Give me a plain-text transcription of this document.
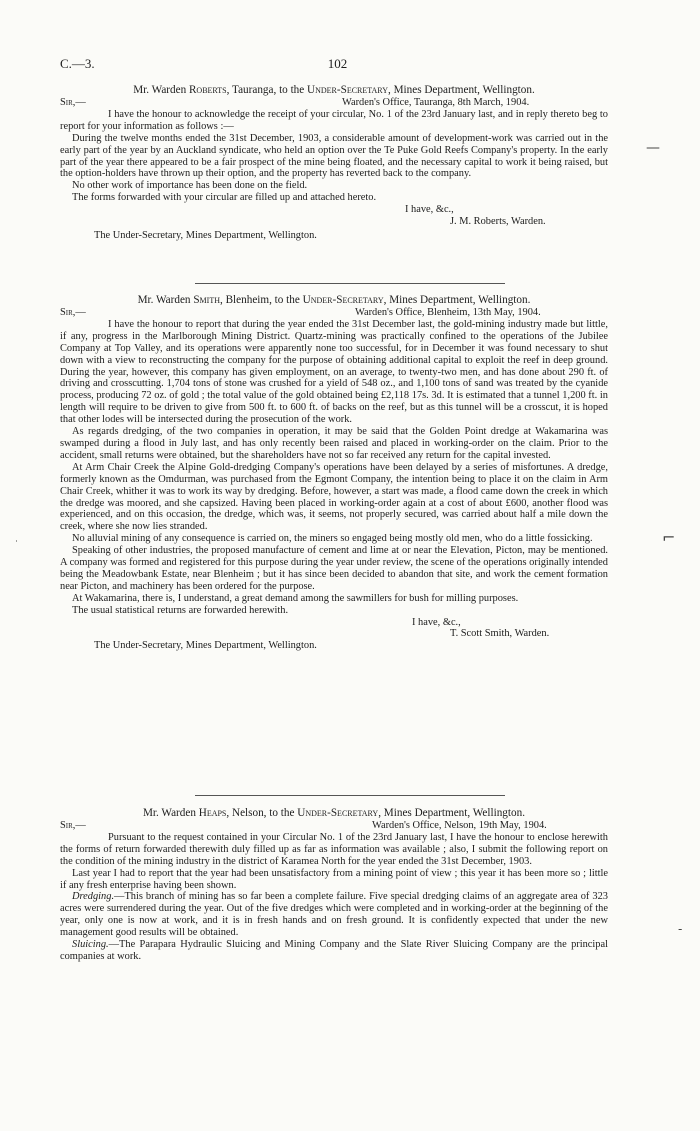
C.—3.	102

Mr. Warden Roberts, Tauranga, to the Under-Secretary, Mines Department, Wellington.

Sir,—	Warden's Office, Tauranga, 8th March, 1904.

I have the honour to acknowledge the receipt of your circular, No. 1 of the 23rd January last, and in reply thereto beg to report for your information as follows :—

During the twelve months ended the 31st December, 1903, a considerable amount of development-work was carried out in the early part of the year by an Auckland syndicate, who held an option over the Te Puke Gold Reefs Company's property. In the early part of the year there appeared to be a fair prospect of the mine being floated, and the necessary capital to work it being raised, but the option-holders have thrown up their option, and the property has reverted back to the company.

No other work of importance has been done on the field.

The forms forwarded with your circular are filled up and attached hereto.

I have, &c.,

J. M. Roberts, Warden.

The Under-Secretary, Mines Department, Wellington.

Mr. Warden Smith, Blenheim, to the Under-Secretary, Mines Department, Wellington.

Sir,—	Warden's Office, Blenheim, 13th May, 1904.

I have the honour to report that during the year ended the 31st December last, the gold-mining industry made but little, if any, progress in the Marlborough Mining District. Quartz-mining was practically confined to the operations of the Jubilee Company at Top Valley, and its operations were apparently none too successful, for in December it was found necessary to shut down with a view to reconstructing the company for the purpose of obtaining additional capital to exploit the reef in deep ground. During the year, however, this company has given employment, on an average, to twenty-two men, and has done about 290 ft. of driving and crosscutting. 1,704 tons of stone was crushed for a yield of 548 oz., and 1,100 tons of sand was treated by the cyanide process, producing 72 oz. of gold ; the total value of the gold obtained being £2,118 17s. 3d. It is estimated that a tunnel 1,200 ft. in length will require to be driven to give from 500 ft. to 600 ft. of backs on the reef, but as this tunnel will be a crosscut, it is hoped that other lodes will be intersected during the prosecution of the work.

As regards dredging, of the two companies in operation, it may be said that the Golden Point dredge at Wakamarina was swamped during a flood in July last, and has only recently been raised and placed in working-order on the claim. Prior to the accident, small returns were obtained, but the shareholders have not so far received any return for the capital invested.

At Arm Chair Creek the Alpine Gold-dredging Company's operations have been delayed by a series of misfortunes. A dredge, formerly known as the Omdurman, was purchased from the Egmont Company, the intention being to place it on the claim in Arm Chair Creek, whither it was to work its way by dredging. Before, however, a start was made, a flood came down the creek in which the dredge was moored, and she capsized. Having been placed in working-order again at a cost of about £600, another flood was experienced, and on this occasion, the dredge, which was, it seems, not properly secured, was carried about half a mile down the creek, where she now lies stranded.

No alluvial mining of any consequence is carried on, the miners so engaged being mostly old men, who do a little fossicking.

Speaking of other industries, the proposed manufacture of cement and lime at or near the Elevation, Picton, may be mentioned. A company was formed and registered for this purpose during the year under review, the scene of the operations originally intended being the Meadowbank Estate, near Blenheim ; but it has since been decided to abandon that site, and work the cement formation near Picton, and machinery has been ordered for the purpose.

At Wakamarina, there is, I understand, a great demand among the sawmillers for bush for milling purposes.

The usual statistical returns are forwarded herewith.

I have, &c.,

T. Scott Smith, Warden.

The Under-Secretary, Mines Department, Wellington.

Mr. Warden Heaps, Nelson, to the Under-Secretary, Mines Department, Wellington.

Sir,—	Warden's Office, Nelson, 19th May, 1904.

Pursuant to the request contained in your Circular No. 1 of the 23rd January last, I have the honour to enclose herewith the forms of return forwarded therewith duly filled up as far as information was available ; also, I submit the following report on the condition of the mining industry in the district of Karamea North for the year ended the 31st December, 1903.

Last year I had to report that the year had been unsatisfactory from a mining point of view ; this year it has been more so ; little if any fresh enterprise having been shown.

Dredging.—This branch of mining has so far been a complete failure. Five special dredging claims of an aggregate area of 323 acres were surrendered during the year. Out of the five dredges which were completed and in working-order at the beginning of the year, only one is now at work, and it is in fresh hands and on fresh ground. It is confidently expected that under the new management good results will be obtained.

Sluicing.—The Parapara Hydraulic Sluicing and Mining Company and the Slate River Sluicing Company are the principal companies at work.

—
⌐
˙
-
